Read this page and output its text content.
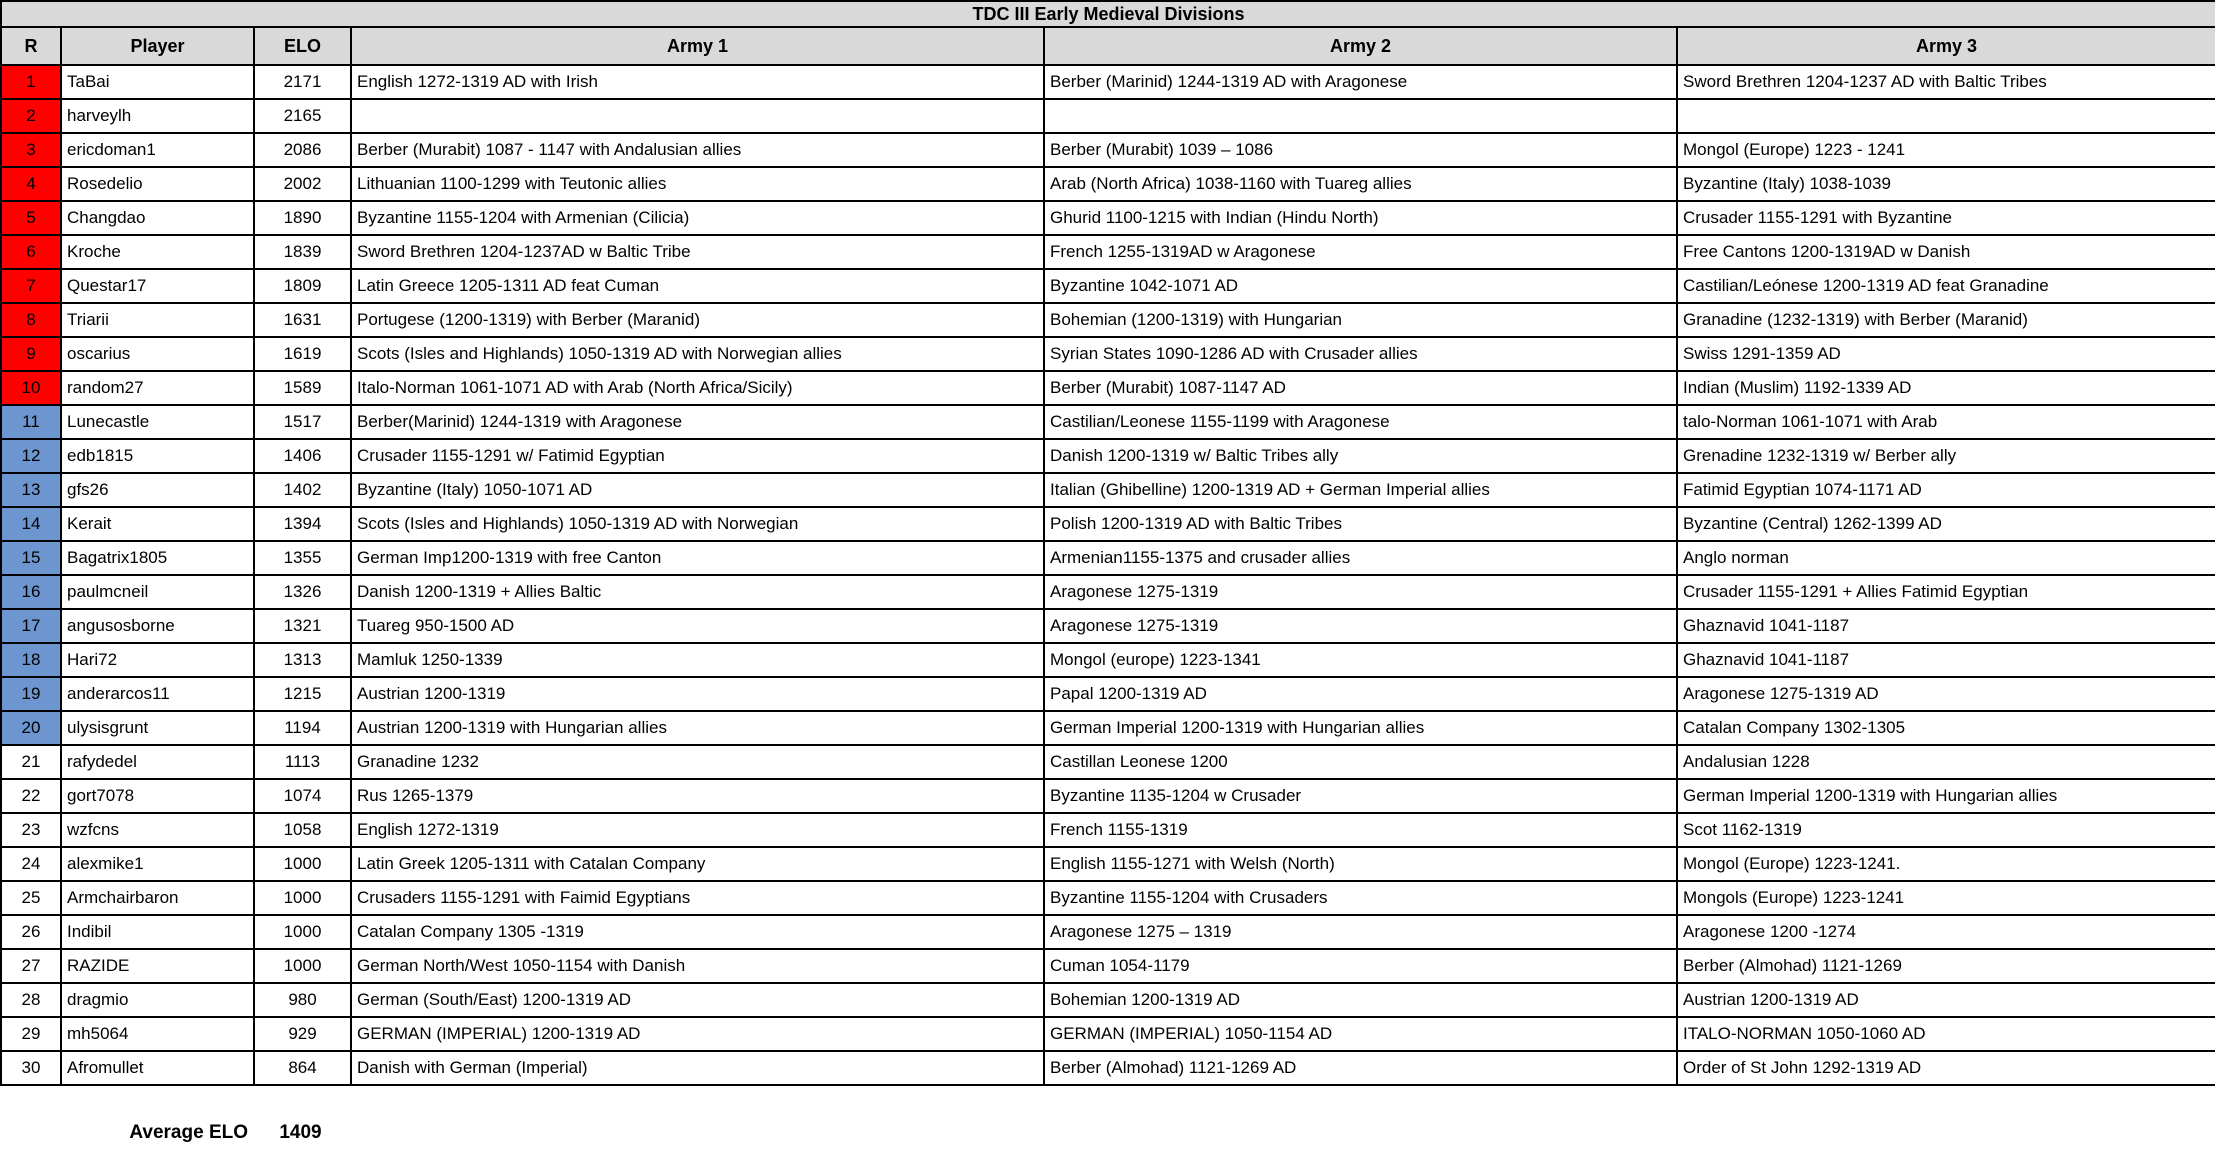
TDC III Early Medieval Divisions					
R	Player	ELO	Army 1	Army 2	Army 3
1	TaBai	2171	English 1272-1319 AD with Irish	Berber (Marinid) 1244-1319 AD with Aragonese	Sword Brethren 1204-1237 AD with Baltic Tribes
2	harveylh	2165			
3	ericdoman1	2086	Berber (Murabit) 1087 - 1147 with Andalusian allies	Berber (Murabit) 1039 – 1086	Mongol (Europe) 1223 - 1241
4	Rosedelio	2002	Lithuanian 1100-1299 with Teutonic allies	Arab (North Africa) 1038-1160 with Tuareg allies	Byzantine (Italy) 1038-1039
5	Changdao	1890	Byzantine 1155-1204 with Armenian (Cilicia)	Ghurid 1100-1215 with Indian (Hindu North)	Crusader 1155-1291 with Byzantine
6	Kroche	1839	Sword Brethren 1204-1237AD w Baltic Tribe	French 1255-1319AD w Aragonese	Free Cantons 1200-1319AD w Danish
7	Questar17	1809	Latin Greece 1205-1311 AD feat Cuman	Byzantine 1042-1071 AD	Castilian/Leónese 1200-1319 AD feat Granadine
8	Triarii	1631	Portugese (1200-1319) with Berber (Maranid)	Bohemian (1200-1319) with Hungarian	Granadine (1232-1319) with Berber (Maranid)
9	oscarius	1619	Scots (Isles and Highlands) 1050-1319 AD with Norwegian allies	Syrian States 1090-1286 AD with Crusader allies	Swiss 1291-1359 AD
10	random27	1589	Italo-Norman 1061-1071 AD with Arab (North Africa/Sicily)	Berber (Murabit) 1087-1147 AD	Indian (Muslim) 1192-1339 AD
11	Lunecastle	1517	Berber(Marinid) 1244-1319 with Aragonese	Castilian/Leonese 1155-1199 with Aragonese	talo-Norman 1061-1071 with Arab
12	edb1815	1406	Crusader 1155-1291 w/ Fatimid Egyptian	Danish 1200-1319 w/ Baltic Tribes ally	Grenadine 1232-1319 w/ Berber ally
13	gfs26	1402	Byzantine (Italy) 1050-1071 AD	Italian (Ghibelline) 1200-1319 AD + German Imperial allies	Fatimid Egyptian 1074-1171 AD
14	Kerait	1394	Scots (Isles and Highlands) 1050-1319 AD with Norwegian	Polish 1200-1319 AD with Baltic Tribes	Byzantine (Central) 1262-1399 AD
15	Bagatrix1805	1355	German Imp1200-1319 with free Canton	Armenian1155-1375 and crusader allies	Anglo norman
16	paulmcneil	1326	Danish 1200-1319 + Allies Baltic	Aragonese 1275-1319	Crusader 1155-1291 + Allies Fatimid Egyptian
17	angusosborne	1321	Tuareg 950-1500 AD	Aragonese 1275-1319	Ghaznavid 1041-1187
18	Hari72	1313	Mamluk 1250-1339	Mongol (europe) 1223-1341	Ghaznavid 1041-1187
19	anderarcos11	1215	Austrian 1200-1319	Papal 1200-1319 AD	Aragonese 1275-1319 AD
20	ulysisgrunt	1194	Austrian 1200-1319 with Hungarian allies	German Imperial 1200-1319 with Hungarian allies	Catalan Company 1302-1305
21	rafydedel	1113	Granadine 1232	Castillan Leonese 1200	Andalusian 1228
22	gort7078	1074	Rus 1265-1379	Byzantine 1135-1204 w Crusader	German Imperial 1200-1319 with Hungarian allies
23	wzfcns	1058	English 1272-1319	French 1155-1319	Scot 1162-1319
24	alexmike1	1000	Latin Greek 1205-1311 with Catalan Company	English 1155-1271 with Welsh (North)	Mongol (Europe) 1223-1241.
25	Armchairbaron	1000	Crusaders 1155-1291 with Faimid Egyptians	Byzantine 1155-1204 with Crusaders	Mongols (Europe) 1223-1241
26	Indibil	1000	Catalan Company 1305 -1319	Aragonese 1275 – 1319	Aragonese 1200 -1274
27	RAZIDE	1000	German North/West 1050-1154 with Danish	Cuman 1054-1179	Berber (Almohad) 1121-1269
28	dragmio	980	German (South/East) 1200-1319 AD	Bohemian 1200-1319 AD	Austrian 1200-1319 AD
29	mh5064	929	GERMAN (IMPERIAL) 1200-1319 AD	GERMAN (IMPERIAL) 1050-1154 AD	ITALO-NORMAN 1050-1060 AD
30	Afromullet	864	Danish with German (Imperial)	Berber (Almohad) 1121-1269 AD	Order of St John 1292-1319 AD
Average ELO	1409
